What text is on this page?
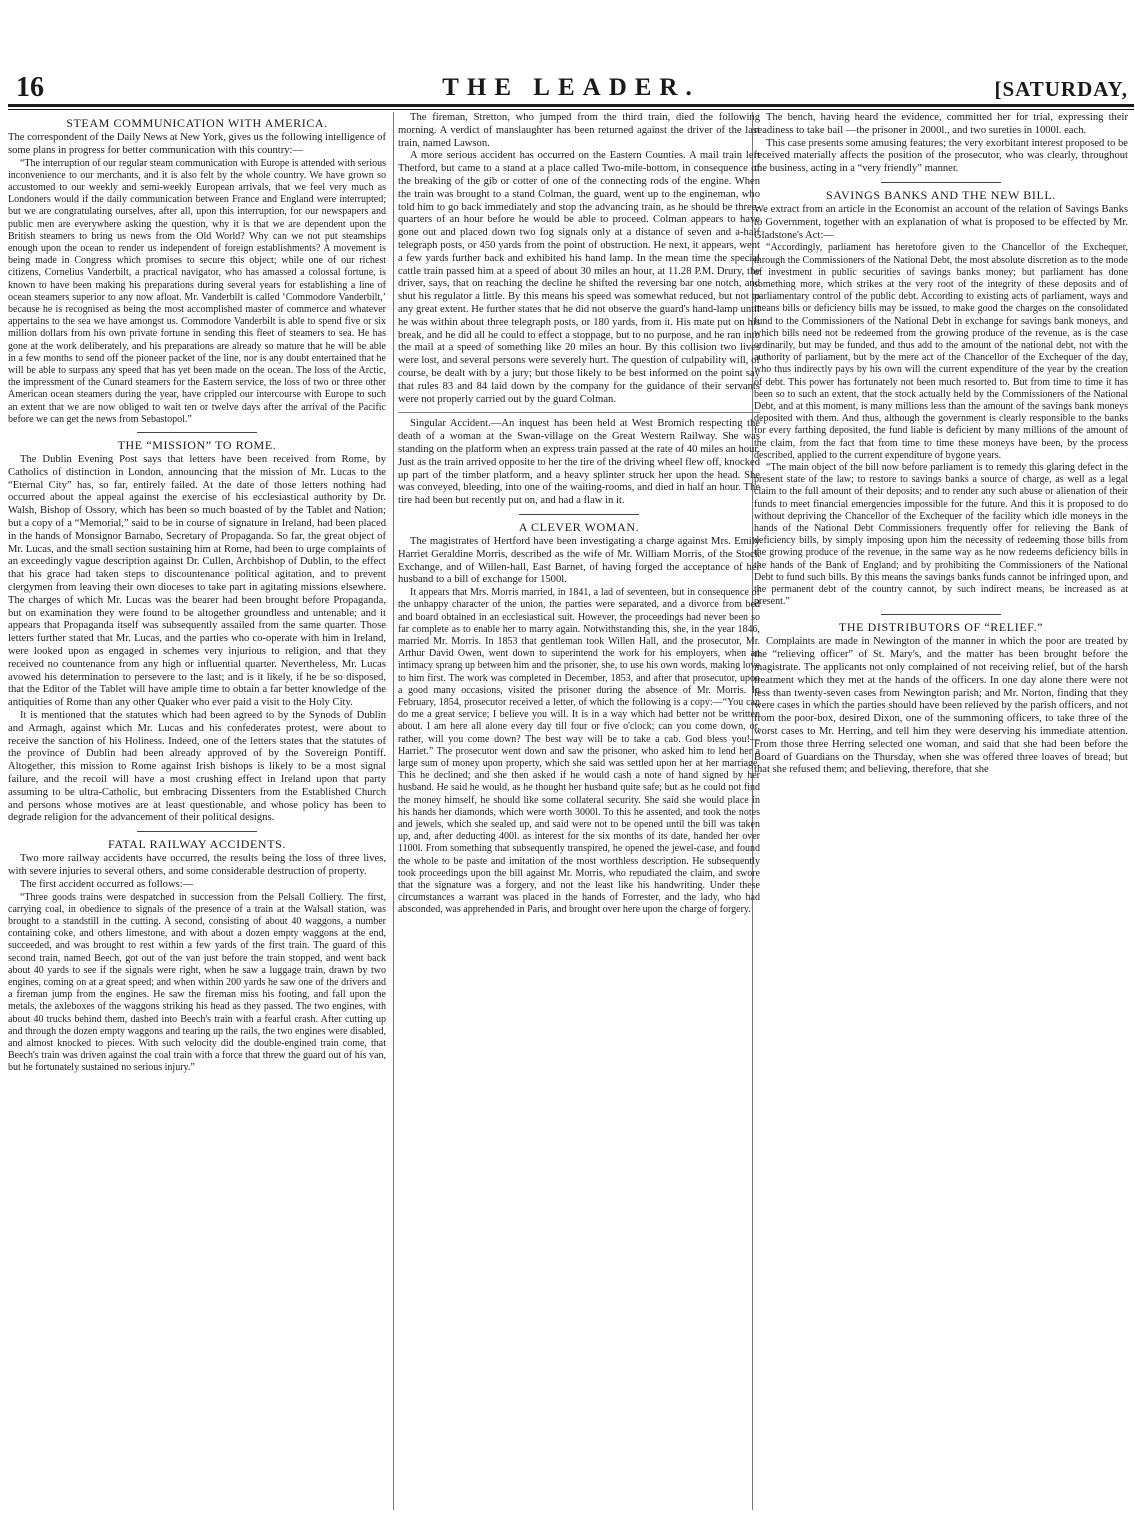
16	THE LEADER.	[SATURDAY,
STEAM COMMUNICATION WITH AMERICA.

The correspondent of the Daily News at New York, gives us the following intelligence of some plans in progress for better communication with this country:—

“The interruption of our regular steam communication with Europe is attended with serious inconvenience to our merchants, and it is also felt by the whole country. We have grown so accustomed to our weekly and semi-weekly European arrivals, that we feel very much as Londoners would if the daily communication between France and England were interrupted; but we are congratulating ourselves, after all, upon this interruption, for our newspapers and public men are everywhere asking the question, why it is that we are dependent upon the British steamers to bring us news from the Old World? Why can we not put steamships enough upon the ocean to render us independent of foreign establishments? A movement is being made in Congress which promises to secure this object; while one of our richest citizens, Cornelius Vanderbilt, a practical navigator, who has amassed a colossal fortune, is known to have been making his preparations during several years for establishing a line of ocean steamers superior to any now afloat. Mr. Vanderbilt is called ‘Commodore Vanderbilt,’ because he is recognised as being the most accomplished master of commerce and whatever appertains to the sea we have amongst us. Commodore Vanderbilt is able to spend five or six million dollars from his own private fortune in sending this fleet of steamers to sea. He has gone at the work deliberately, and his preparations are already so mature that he will be able in a few months to send off the pioneer packet of the line, nor is any doubt entertained that he will be able to surpass any speed that has yet been made on the ocean. The loss of the Arctic, the impressment of the Cunard steamers for the Eastern service, the loss of two or three other American ocean steamers during the year, have crippled our intercourse with Europe to such an extent that we are now obliged to wait ten or twelve days after the arrival of the Pacific before we can get the news from Sebastopol.”

THE “MISSION” TO ROME.

The Dublin Evening Post says that letters have been received from Rome, by Catholics of distinction in London, announcing that the mission of Mr. Lucas to the “Eternal City” has, so far, entirely failed. At the date of those letters nothing had occurred about the appeal against the exercise of his ecclesiastical authority by Dr. Walsh, Bishop of Ossory, which has been so much boasted of by the Tablet and Nation; but a copy of a “Memorial,” said to be in course of signature in Ireland, had been placed in the hands of Monsignor Barnabo, Secretary of Propaganda. So far, the great object of Mr. Lucas, and the small section sustaining him at Rome, had been to urge complaints of an exceedingly vague description against Dr. Cullen, Archbishop of Dublin, to the effect that his grace had taken steps to discountenance political agitation, and to prevent clergymen from leaving their own dioceses to take part in agitating missions elsewhere. The charges of which Mr. Lucas was the bearer had been brought before Propaganda, but on examination they were found to be altogether groundless and untenable; and it appears that Propaganda itself was subsequently assailed from the same quarter. Those letters further stated that Mr. Lucas, and the parties who co-operate with him in Ireland, were looked upon as engaged in schemes very injurious to religion, and that they received no countenance from any high or influential quarter. Nevertheless, Mr. Lucas avowed his determination to persevere to the last; and is it likely, if he be so disposed, that the Editor of the Tablet will have ample time to obtain a far better knowledge of the antiquities of Rome than any other Quaker who ever paid a visit to the Holy City.

It is mentioned that the statutes which had been agreed to by the Synods of Dublin and Armagh, against which Mr. Lucas and his confederates protest, were about to receive the sanction of his Holiness. Indeed, one of the letters states that the statutes of the province of Dublin had been already approved of by the Sovereign Pontiff. Altogether, this mission to Rome against Irish bishops is likely to be a most signal failure, and the recoil will have a most crushing effect in Ireland upon that party assuming to be ultra-Catholic, but embracing Dissenters from the Established Church and persons whose motives are at least questionable, and whose policy has been to degrade religion for the advancement of their political designs.

FATAL RAILWAY ACCIDENTS.

Two more railway accidents have occurred, the results being the loss of three lives, with severe injuries to several others, and some considerable destruction of property.

The first accident occurred as follows:—

“Three goods trains were despatched in succession from the Pelsall Colliery. The first, carrying coal, in obedience to signals of the presence of a train at the Walsall station, was brought to a standstill in the cutting. A second, consisting of about 40 waggons, a number containing coke, and others limestone, and with about a dozen empty waggons at the end, succeeded, and was brought to rest within a few yards of the first train. The guard of this second train, named Beech, got out of the van just before the train stopped, and went back about 40 yards to see if the signals were right, when he saw a luggage train, drawn by two engines, coming on at a great speed; and when within 200 yards he saw one of the drivers and a fireman jump from the engines. He saw the fireman miss his footing, and fall upon the metals, the axleboxes of the waggons striking his head as they passed. The two engines, with about 40 trucks behind them, dashed into Beech's train with a fearful crash. After cutting up and through the dozen empty waggons and tearing up the rails, the two engines were disabled, and almost knocked to pieces. With such velocity did the double-engined train come, that Beech's train was driven against the coal train with a force that threw the guard out of his van, but he fortunately sustained no serious injury.”

The fireman, Stretton, who jumped from the third train, died the following morning. A verdict of manslaughter has been returned against the driver of the last train, named Lawson.

A more serious accident has occurred on the Eastern Counties. A mail train left Thetford, but came to a stand at a place called Two-mile-bottom, in consequence of the breaking of the gib or cotter of one of the connecting rods of the engine. When the train was brought to a stand Colman, the guard, went up to the engineman, who told him to go back immediately and stop the advancing train, as he should be three-quarters of an hour before he would be able to proceed. Colman appears to have gone out and placed down two fog signals only at a distance of seven and a-half telegraph posts, or 450 yards from the point of obstruction. He next, it appears, went a few yards further back and exhibited his hand lamp. In the mean time the special cattle train passed him at a speed of about 30 miles an hour, at 11.28 P.M. Drury, the driver, says, that on reaching the decline he shifted the reversing bar one notch, and shut his regulator a little. By this means his speed was somewhat reduced, but not to any great extent. He further states that he did not observe the guard's hand-lamp until he was within about three telegraph posts, or 180 yards, from it. His mate put on his break, and he did all he could to effect a stoppage, but to no purpose, and he ran into the mail at a speed of something like 20 miles an hour. By this collision two lives were lost, and several persons were severely hurt. The question of culpability will, of course, be dealt with by a jury; but those likely to be best informed on the point say that rules 83 and 84 laid down by the company for the guidance of their servants were not properly carried out by the guard Colman.

Singular Accident.—An inquest has been held at West Bromich respecting the death of a woman at the Swan-village on the Great Western Railway. She was standing on the platform when an express train passed at the rate of 40 miles an hour. Just as the train arrived opposite to her the tire of the driving wheel flew off, knocked up part of the timber platform, and a heavy splinter struck her upon the head. She was conveyed, bleeding, into one of the waiting-rooms, and died in half an hour. The tire had been but recently put on, and had a flaw in it.

A CLEVER WOMAN.

The magistrates of Hertford have been investigating a charge against Mrs. Emily Harriet Geraldine Morris, described as the wife of Mr. William Morris, of the Stock Exchange, and of Willen-hall, East Barnet, of having forged the acceptance of her husband to a bill of exchange for 1500l.

It appears that Mrs. Morris married, in 1841, a lad of seventeen, but in consequence of the unhappy character of the union, the parties were separated, and a divorce from bed and board obtained in an ecclesiastical suit. However, the proceedings had never been so far complete as to enable her to marry again. Notwithstanding this, she, in the year 1846, married Mr. Morris. In 1853 that gentleman took Willen Hall, and the prosecutor, Mr. Arthur David Owen, went down to superintend the work for his employers, when an intimacy sprang up between him and the prisoner, she, to use his own words, making love to him first. The work was completed in December, 1853, and after that prosecutor, upon a good many occasions, visited the prisoner during the absence of Mr. Morris. In February, 1854, prosecutor received a letter, of which the following is a copy:—“You can do me a great service; I believe you will. It is in a way which had better not be written about. I am here all alone every day till four or five o'clock; can you come down, or, rather, will you come down? The best way will be to take a cab. God bless you!—Harriet.” The prosecutor went down and saw the prisoner, who asked him to lend her a large sum of money upon property, which she said was settled upon her at her marriage. This he declined; and she then asked if he would cash a note of hand signed by her husband. He said he would, as he thought her husband quite safe; but as he could not find the money himself, he should like some collateral security. She said she would place in his hands her diamonds, which were worth 3000l. To this he assented, and took the notes and jewels, which she sealed up, and said were not to be opened until the bill was taken up, and, after deducting 400l. as interest for the six months of its date, handed her over 1100l. From something that subsequently transpired, he opened the jewel-case, and found the whole to be paste and imitation of the most worthless description. He subsequently took proceedings upon the bill against Mr. Morris, who repudiated the claim, and swore that the signature was a forgery, and not the least like his handwriting. Under these circumstances a warrant was placed in the hands of Forrester, and the lady, who had absconded, was apprehended in Paris, and brought over here upon the charge of forgery.

The bench, having heard the evidence, committed her for trial, expressing their readiness to take bail —the prisoner in 2000l., and two sureties in 1000l. each.

This case presents some amusing features; the very exorbitant interest proposed to be received materially affects the position of the prosecutor, who was clearly, throughout the business, acting in a “very friendly” manner.

SAVINGS BANKS AND THE NEW BILL.

We extract from an article in the Economist an account of the relation of Savings Banks to Government, together with an explanation of what is proposed to be effected by Mr. Gladstone's Act:—

“Accordingly, parliament has heretofore given to the Chancellor of the Exchequer, through the Commissioners of the National Debt, the most absolute discretion as to the mode of investment in public securities of savings banks money; but parliament has done something more, which strikes at the very root of the integrity of these deposits and of parliamentary control of the public debt. According to existing acts of parliament, ways and means bills or deficiency bills may be issued, to make good the charges on the consolidated fund to the Commissioners of the National Debt in exchange for savings bank moneys, and which bills need not be redeemed from the growing produce of the revenue, as is the case ordinarily, but may be funded, and thus add to the amount of the national debt, not with the authority of parliament, but by the mere act of the Chancellor of the Exchequer of the day, who thus indirectly pays by his own will the current expenditure of the year by the creation of debt. This power has fortunately not been much resorted to. But from time to time it has been so to such an extent, that the stock actually held by the Commissioners of the National Debt, and at this moment, is many millions less than the amount of the savings bank moneys deposited with them. And thus, although the government is clearly responsible to the banks for every farthing deposited, the fund liable is deficient by many millions of the amount of the claim, from the fact that from time to time these moneys have been, by the process described, applied to the current expenditure of bygone years.

“The main object of the bill now before parliament is to remedy this glaring defect in the present state of the law; to restore to savings banks a source of charge, as well as a legal claim to the full amount of their deposits; and to render any such abuse or alienation of their funds to meet financial emergencies impossible for the future. And this it is proposed to do without depriving the Chancellor of the Exchequer of the facility which idle moneys in the hands of the National Debt Commissioners frequently offer for relieving the Bank of deficiency bills, by simply imposing upon him the necessity of redeeming those bills from the growing produce of the revenue, in the same way as he now redeems deficiency bills in the hands of the Bank of England; and by prohibiting the Commissioners of the National Debt to fund such bills. By this means the savings banks funds cannot be infringed upon, and the permanent debt of the country cannot, by such indirect means, be increased as at present.”

THE DISTRIBUTORS OF “RELIEF.”

Complaints are made in Newington of the manner in which the poor are treated by the “relieving officer” of St. Mary's, and the matter has been brought before the magistrate. The applicants not only complained of not receiving relief, but of the harsh treatment which they met at the hands of the officers. In one day alone there were not less than twenty-seven cases from Newington parish; and Mr. Norton, finding that they were cases in which the parties should have been relieved by the parish officers, and not from the poor-box, desired Dixon, one of the summoning officers, to take three of the worst cases to Mr. Herring, and tell him they were deserving his immediate attention. From those three Herring selected one woman, and said that she had been before the Board of Guardians on the Thursday, when she was offered three loaves of bread; but that she refused them; and believing, therefore, that she
